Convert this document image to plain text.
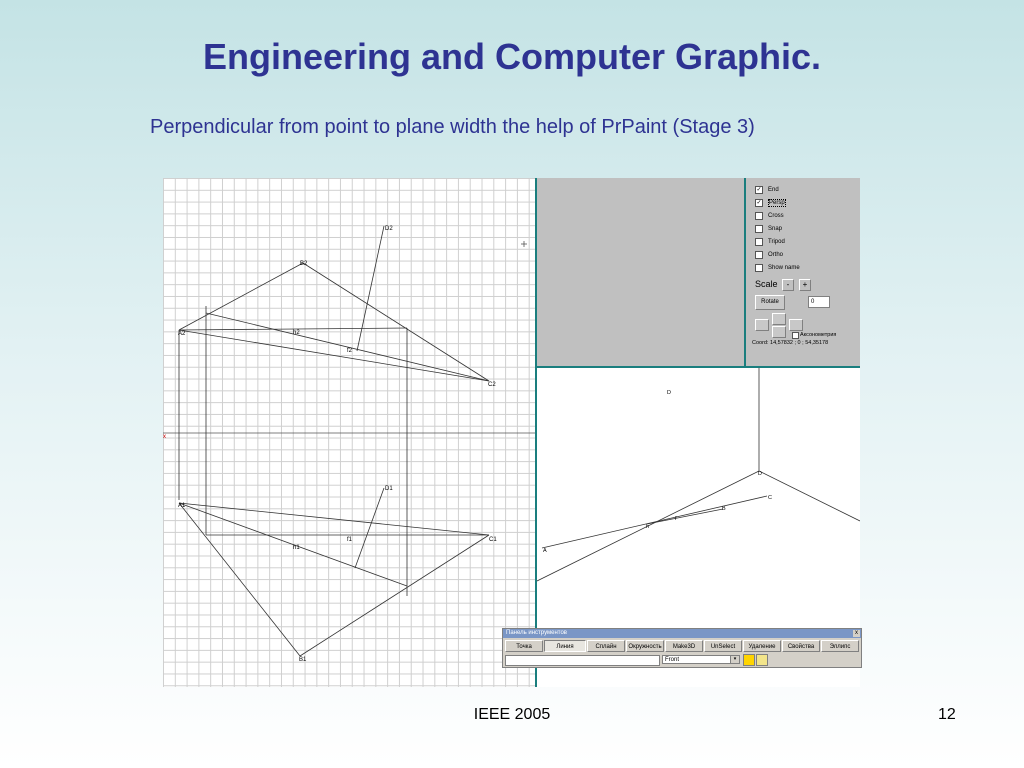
Engineering and Computer Graphic.
Perpendicular from point to plane width the help of PrPaint (Stage 3)
B2
D2
A2	h2
f2
C2
x
D1
A1
C1
h1
f1
B1
D
D
C
B
f
h
A
✓ End
✓ Persp
Cross
Snap
Tripod
Ortho
Show name
Scale	-	+
Rotate	0
Аксонометрия
Coord: 14,57832 ; 0 ; 54,35178
Панель инструментов	x
Точка	Линия	Сплайн	Окружность	Make3D	UnSelect	Удаление	Свойства	Эллипс
Front	▾
IEEE 2005	12
